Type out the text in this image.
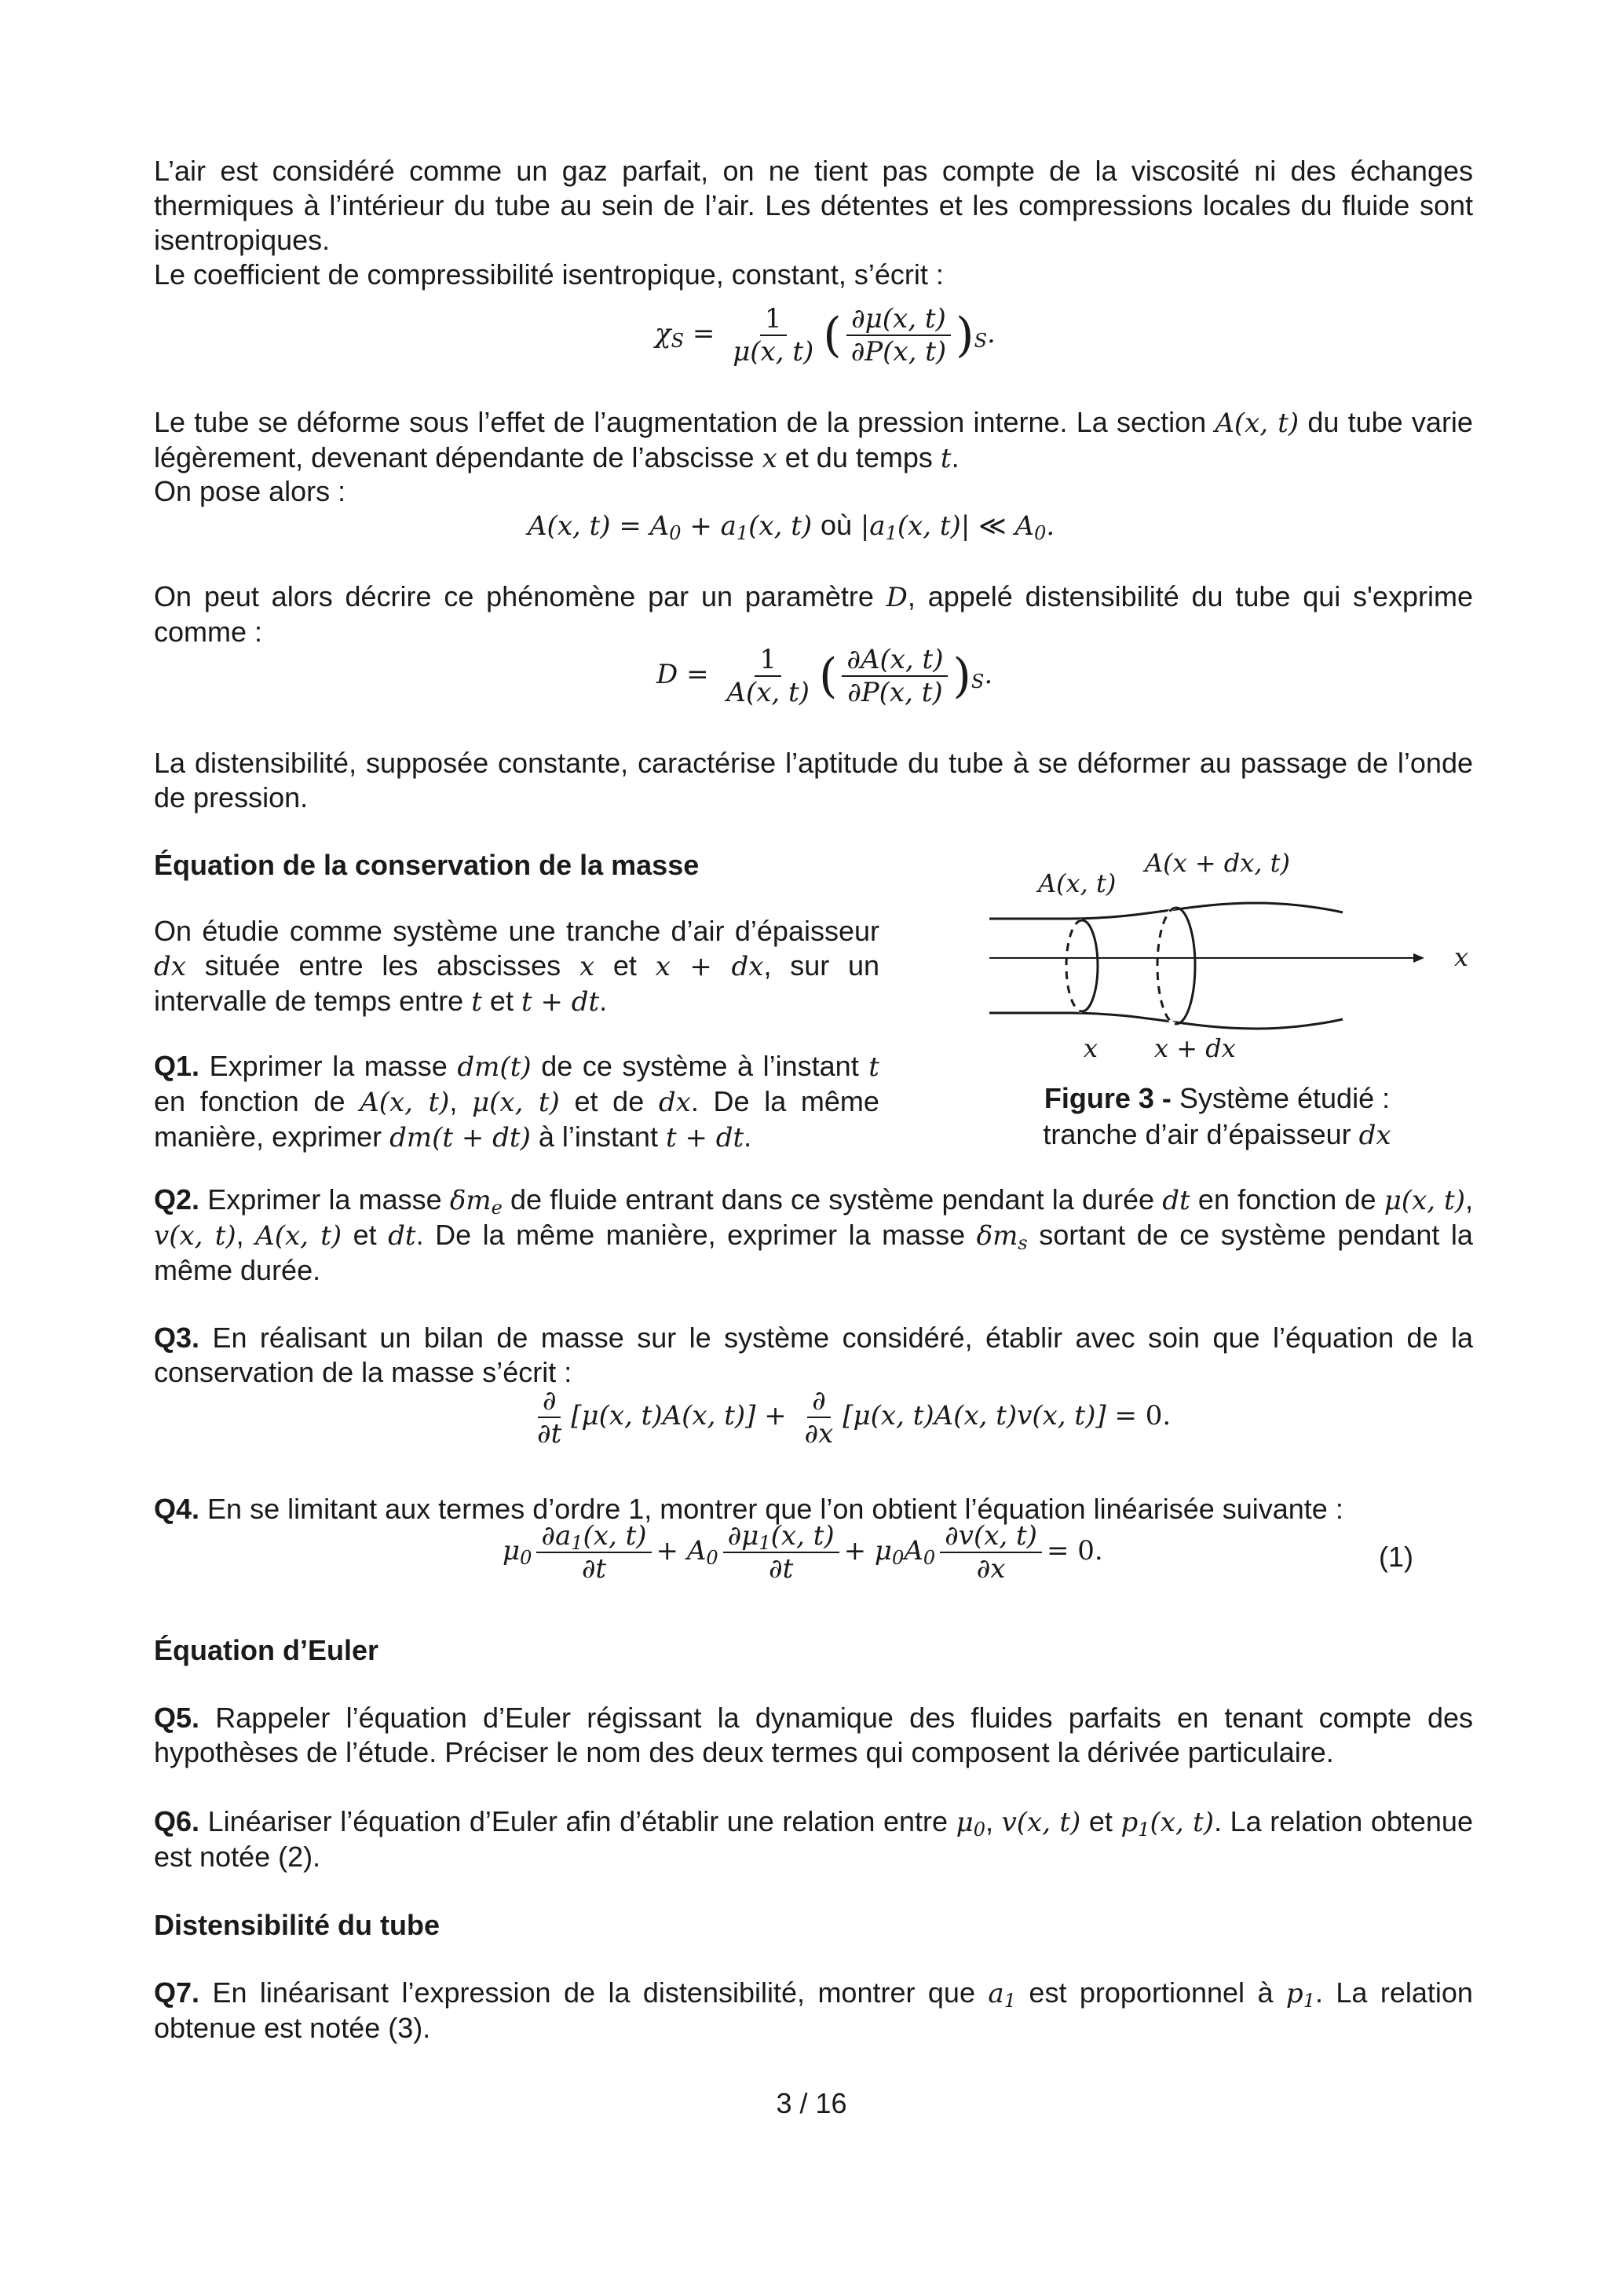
L’air est considéré comme un gaz parfait, on ne tient pas compte de la viscosité ni des échanges thermiques à l’intérieur du tube au sein de l’air. Les détentes et les compressions locales du fluide sont isentropiques.
Le coefficient de compressibilité isentropique, constant, s’écrit :
$\chi_S = \frac{1}{\mu(x, t)}$ ( $\frac{\partial\mu(x, t)}{\partial P(x, t)} )_S$.
Le tube se déforme sous l’effet de l’augmentation de la pression interne. La section A(x, t) du tube varie légèrement, devenant dépendante de l’abscisse x et du temps t.
On pose alors :
A(x, $t) = A_0 + a_1(x$, t) où $|a_1(x$, t)| ≪ $A_0$.
On peut alors décrire ce phénomène par un paramètre D, appelé distensibilité du tube qui s'exprime comme :
$D = \frac{1}{A(x, t)}$ ( $\frac{\partial A(x, t)}{\partial P(x, t)} )_S$.
La distensibilité, supposée constante, caractérise l’aptitude du tube à se déformer au passage de l’onde de pression.
Équation de la conservation de la masse
On étudie comme système une tranche d’air d’épaisseur dx située entre les abscisses x et x + dx, sur un intervalle de temps entre t et t + dt.
Q1. Exprimer la masse dm(t) de ce système à l’instant t en fonction de A(x, t), μ(x, t) et de dx. De la même manière, exprimer dm(t + dt) à l’instant t + dt.
A(x, t)
A(x + dx, t)
x
x x + dx
Figure 3 - Système étudié :
tranche d’air d’épaisseur dx
Q2. Exprimer la masse $\delta m_e$ de fluide entrant dans ce système pendant la durée dt en fonction de μ(x, t), v(x, t), A(x, t) et dt. De la même manière, exprimer la masse $\delta m_s$ sortant de ce système pendant la même durée.
Q3. En réalisant un bilan de masse sur le système considéré, établir avec soin que l’équation de la conservation de la masse s’écrit :
$\frac{\partial}{\partial t} [\mu(x$, t)A(x, $t)] + \frac{\partial}{\partial x} [\mu(x$, t)A(x, t)v(x, t)] = 0.
Q4. En se limitant aux termes d’ordre 1, montrer que l’on obtient l’équation linéarisée suivante :
$\mu_0 \frac{\partial a_1(x, t)}{\partial t} + A_0 \frac{\partial\mu_1(x, t)}{\partial t} + \mu_0A_0 \frac{\partial v(x, t)}{\partial x} = 0$.	(1)
Équation d’Euler
Q5. Rappeler l’équation d’Euler régissant la dynamique des fluides parfaits en tenant compte des hypothèses de l’étude. Préciser le nom des deux termes qui composent la dérivée particulaire.
Q6. Linéariser l’équation d’Euler afin d’établir une relation entre $\mu_0$, v(x, t) et $p_1(x$, t). La relation obtenue est notée (2).
Distensibilité du tube
Q7. En linéarisant l’expression de la distensibilité, montrer que $a_1$ est proportionnel à $p_1$. La relation obtenue est notée (3).
3 / 16
